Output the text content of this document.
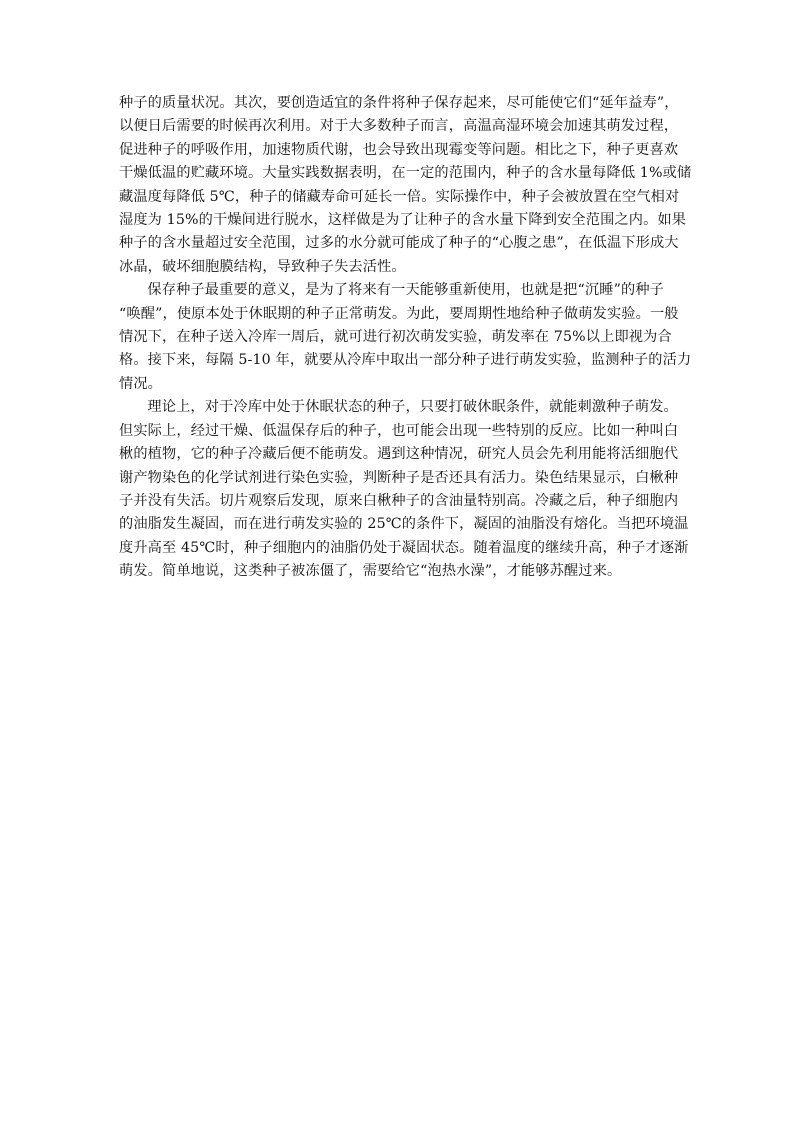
种子的质量状况。其次，要创造适宜的条件将种子保存起来，尽可能使它们“延年益寿”，
以便日后需要的时候再次利用。对于大多数种子而言，高温高湿环境会加速其萌发过程，
促进种子的呼吸作用，加速物质代谢，也会导致出现霉变等问题。相比之下，种子更喜欢
干燥低温的贮藏环境。大量实践数据表明，在一定的范围内，种子的含水量每降低 1%或储
藏温度每降低 5℃，种子的储藏寿命可延长一倍。实际操作中，种子会被放置在空气相对
湿度为 15%的干燥间进行脱水，这样做是为了让种子的含水量下降到安全范围之内。如果
种子的含水量超过安全范围，过多的水分就可能成了种子的“心腹之患”，在低温下形成大
冰晶，破坏细胞膜结构，导致种子失去活性。

保存种子最重要的意义，是为了将来有一天能够重新使用，也就是把“沉睡”的种子
“唤醒”，使原本处于休眠期的种子正常萌发。为此，要周期性地给种子做萌发实验。一般
情况下，在种子送入冷库一周后，就可进行初次萌发实验，萌发率在 75%以上即视为合
格。接下来，每隔 5-10 年，就要从冷库中取出一部分种子进行萌发实验，监测种子的活力
情况。

理论上，对于冷库中处于休眠状态的种子，只要打破休眠条件，就能刺激种子萌发。
但实际上，经过干燥、低温保存后的种子，也可能会出现一些特别的反应。比如一种叫白
楸的植物，它的种子冷藏后便不能萌发。遇到这种情况，研究人员会先利用能将活细胞代
谢产物染色的化学试剂进行染色实验，判断种子是否还具有活力。染色结果显示，白楸种
子并没有失活。切片观察后发现，原来白楸种子的含油量特别高。冷藏之后，种子细胞内
的油脂发生凝固，而在进行萌发实验的 25℃的条件下，凝固的油脂没有熔化。当把环境温
度升高至 45℃时，种子细胞内的油脂仍处于凝固状态。随着温度的继续升高，种子才逐渐
萌发。简单地说，这类种子被冻僵了，需要给它“泡热水澡”，才能够苏醒过来。
